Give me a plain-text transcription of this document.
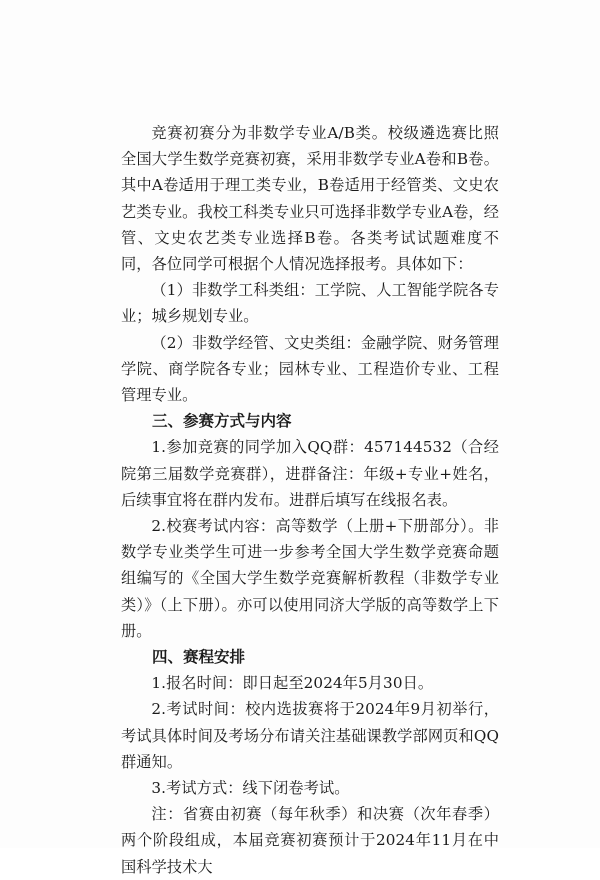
竞赛初赛分为非数学专业A/B类。校级遴选赛比照全国大学生数学竞赛初赛，采用非数学专业A卷和B卷。其中A卷适用于理工类专业，B卷适用于经管类、文史农艺类专业。我校工科类专业只可选择非数学专业A卷，经管、文史农艺类专业选择B卷。各类考试试题难度不同，各位同学可根据个人情况选择报考。具体如下：

（1）非数学工科类组：工学院、人工智能学院各专业；城乡规划专业。

（2）非数学经管、文史类组：金融学院、财务管理学院、商学院各专业；园林专业、工程造价专业、工程管理专业。

三、参赛方式与内容

1.参加竞赛的同学加入QQ群：457144532（合经院第三届数学竞赛群），进群备注：年级+专业+姓名，后续事宜将在群内发布。进群后填写在线报名表。

2.校赛考试内容：高等数学（上册+下册部分）。非数学专业类学生可进一步参考全国大学生数学竞赛命题组编写的《全国大学生数学竞赛解析教程（非数学专业类）》（上下册）。亦可以使用同济大学版的高等数学上下册。

四、赛程安排

1.报名时间：即日起至2024年5月30日。

2.考试时间：校内选拔赛将于2024年9月初举行，考试具体时间及考场分布请关注基础课教学部网页和QQ群通知。

3.考试方式：线下闭卷考试。

注：省赛由初赛（每年秋季）和决赛（次年春季）两个阶段组成，本届竞赛初赛预计于2024年11月在中国科学技术大
